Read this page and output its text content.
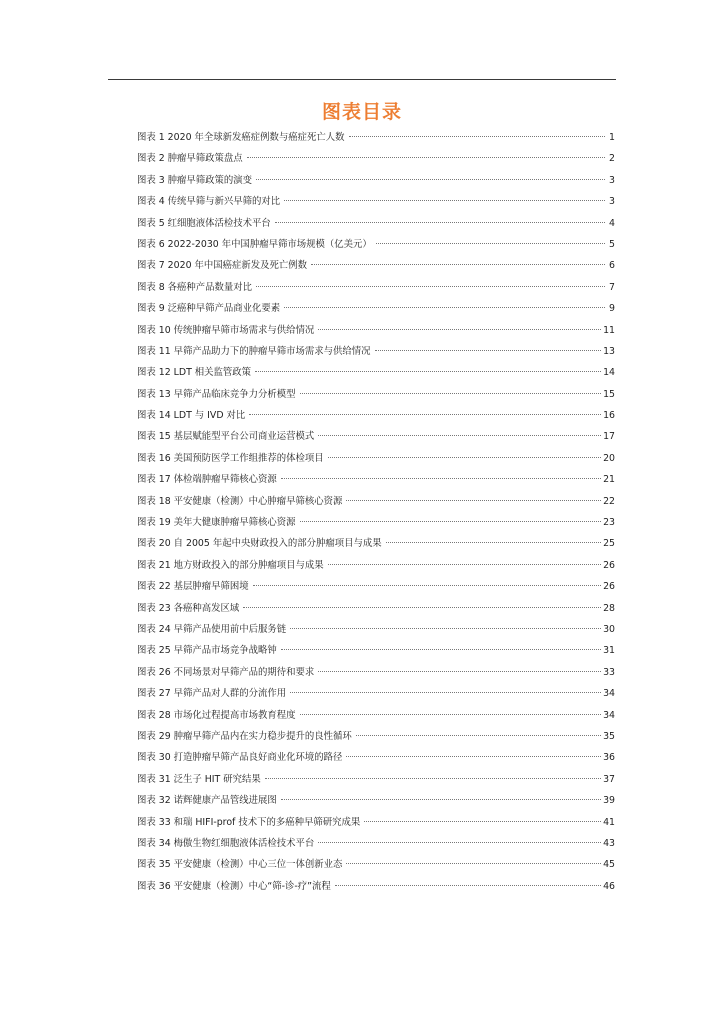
图表目录
图表 1 2020 年全球新发癌症例数与癌症死亡人数	1
图表 2 肿瘤早筛政策盘点	2
图表 3 肿瘤早筛政策的演变	3
图表 4 传统早筛与新兴早筛的对比	3
图表 5 红细胞液体活检技术平台	4
图表 6 2022-2030 年中国肿瘤早筛市场规模（亿美元）	5
图表 7 2020 年中国癌症新发及死亡例数	6
图表 8 各癌种产品数量对比	7
图表 9 泛癌种早筛产品商业化要素	9
图表 10 传统肿瘤早筛市场需求与供给情况	11
图表 11 早筛产品助力下的肿瘤早筛市场需求与供给情况	13
图表 12 LDT 相关监管政策	14
图表 13 早筛产品临床竞争力分析模型	15
图表 14 LDT 与 IVD 对比	16
图表 15 基层赋能型平台公司商业运营模式	17
图表 16 美国预防医学工作组推荐的体检项目	20
图表 17 体检端肿瘤早筛核心资源	21
图表 18 平安健康（检测）中心肿瘤早筛核心资源	22
图表 19 美年大健康肿瘤早筛核心资源	23
图表 20 自 2005 年起中央财政投入的部分肿瘤项目与成果	25
图表 21 地方财政投入的部分肿瘤项目与成果	26
图表 22 基层肿瘤早筛困境	26
图表 23 各癌种高发区域	28
图表 24 早筛产品使用前中后服务链	30
图表 25 早筛产品市场竞争战略钟	31
图表 26 不同场景对早筛产品的期待和要求	33
图表 27 早筛产品对人群的分流作用	34
图表 28 市场化过程提高市场教育程度	34
图表 29 肿瘤早筛产品内在实力稳步提升的良性循环	35
图表 30 打造肿瘤早筛产品良好商业化环境的路径	36
图表 31 泛生子 HIT 研究结果	37
图表 32 诺辉健康产品管线进展图	39
图表 33 和瑞 HIFI-prof 技术下的多癌种早筛研究成果	41
图表 34 梅傲生物红细胞液体活检技术平台	43
图表 35 平安健康（检测）中心三位一体创新业态	45
图表 36 平安健康（检测）中心“筛-诊-疗”流程	46
